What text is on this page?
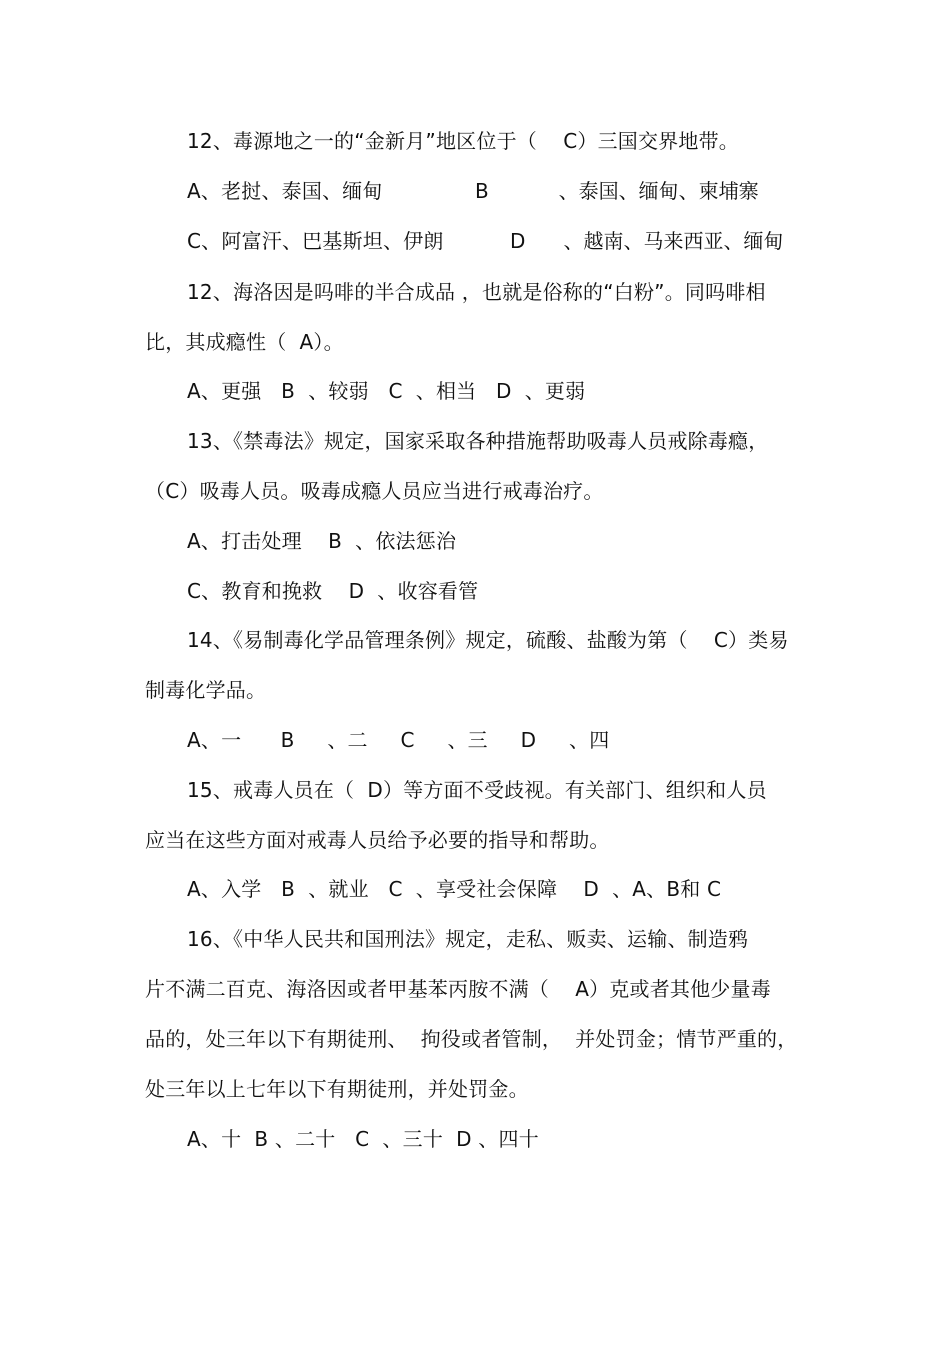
12、毒源地之一的“金新月”地区位于（    C）三国交界地带。
A、老挝、泰国、缅甸	B           、泰国、缅甸、柬埔寨
C、阿富汗、巴基斯坦、伊朗	D      、越南、马来西亚、缅甸
12、海洛因是吗啡的半合成品 ，也就是俗称的“白粉”。同吗啡相
比，其成瘾性（  A）。
A、更强   B  、较弱   C  、相当   D  、更弱
13、《禁毒法》规定，国家采取各种措施帮助吸毒人员戒除毒瘾，
（C）吸毒人员。吸毒成瘾人员应当进行戒毒治疗。
A、打击处理    B  、依法惩治
C、教育和挽救    D  、收容看管
14、《易制毒化学品管理条例》规定，硫酸、盐酸为第（    C）类易
制毒化学品。
A、一      B     、二     C     、三     D     、四
15、戒毒人员在（  D）等方面不受歧视。有关部门、组织和人员
应当在这些方面对戒毒人员给予必要的指导和帮助。
A、入学   B  、就业   C  、享受社会保障    D  、A、B和 C
16、《中华人民共和国刑法》规定，走私、贩卖、运输、制造鸦
片不满二百克、海洛因或者甲基苯丙胺不满（    A）克或者其他少量毒
品的，处三年以下有期徒刑、  拘役或者管制，  并处罚金；情节严重的，
处三年以上七年以下有期徒刑，并处罚金。
A、十  B 、二十   C  、三十  D 、四十
